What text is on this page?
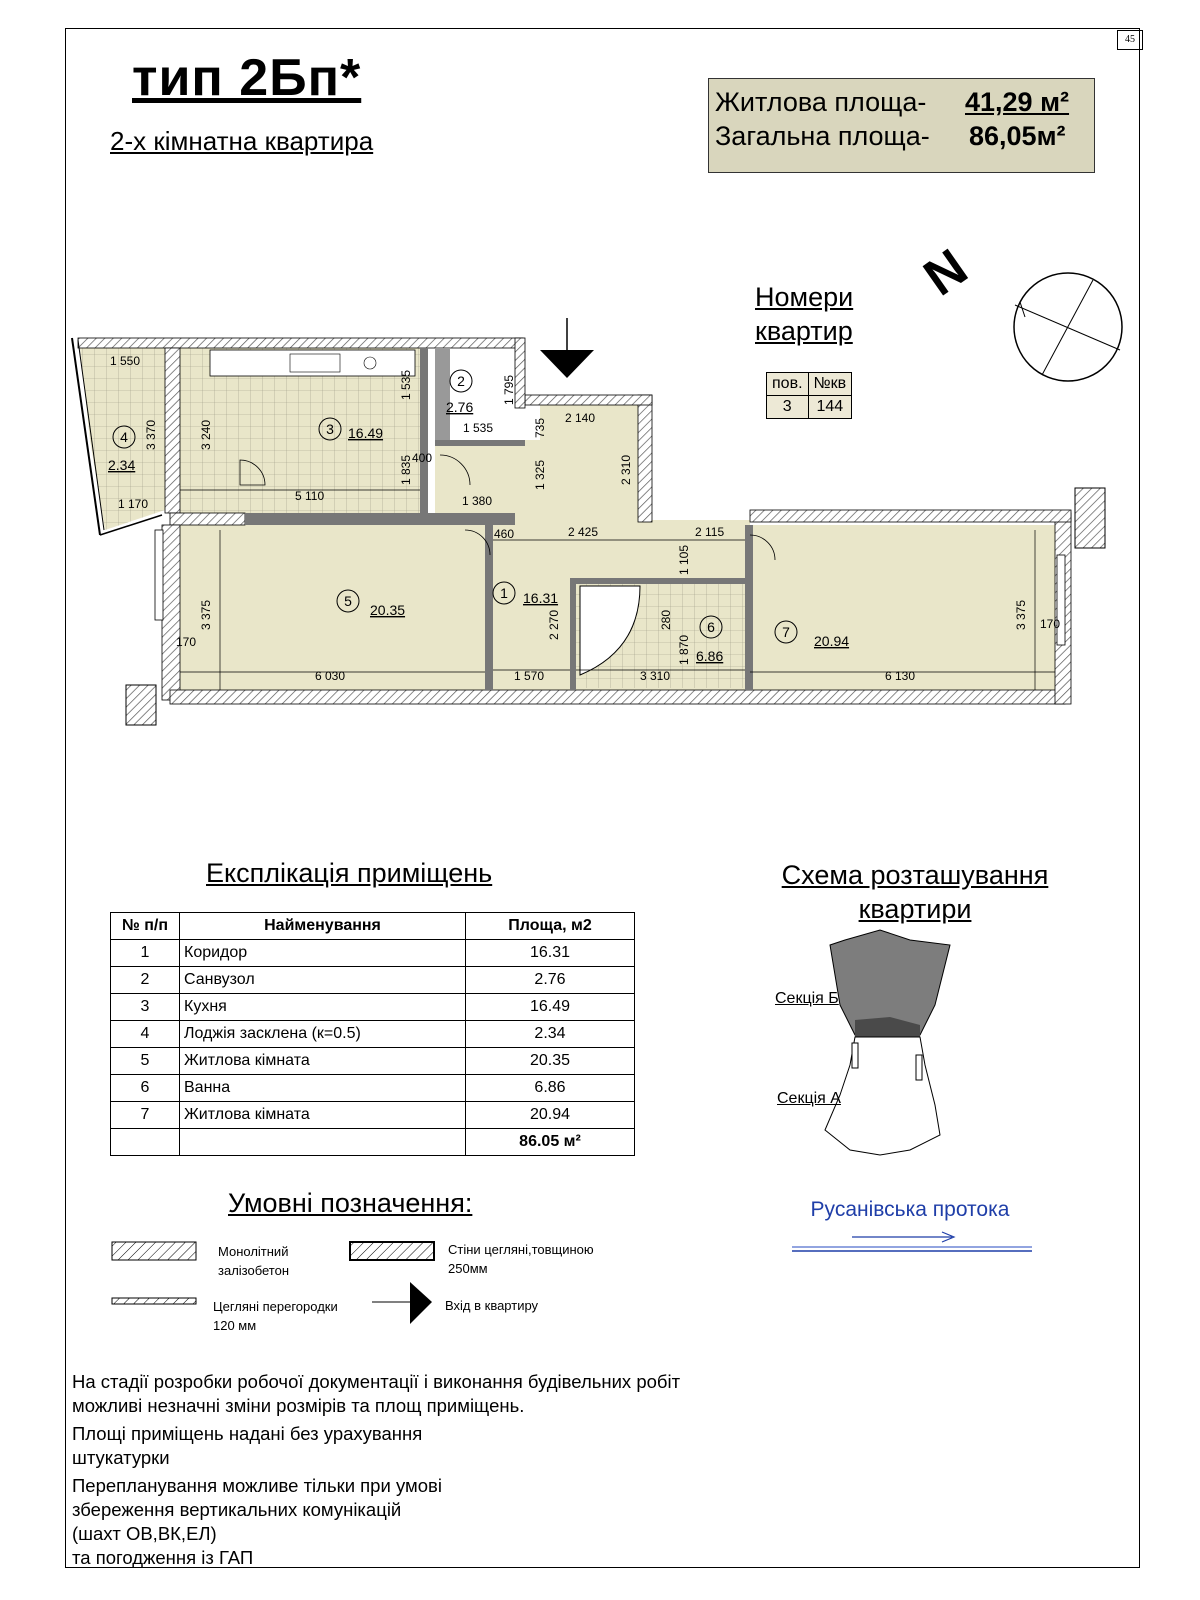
45
тип 2Бп*
2-х кімнатна квартира
Житлова площа- 41,29 м²
Загальна площа- 86,05м²
N
Номери
квартир
пов.	№кв
3	144
4
2.34
3 16.49
2
2.76
1 16.31
5
20.35
6
6.86
7
20.94
1 550
3 370	3 240
1 535	1 795
1 535	735 2 140
1 325	2 310
1 835 400
1 170
5 110	1 380
460	2 425	2 115
1 105
3 375
170
6 030
2 270	280
1 870
1 570	3 310	6 130
3 375 170
Експлікація приміщень
№ п/п	Найменування	Площа, м2
1	Коридор	16.31
2	Санвузол	2.76
3	Кухня	16.49
4	Лоджія засклена (к=0.5)	2.34
5	Житлова кімната	20.35
6	Ванна	6.86
7	Житлова кімната	20.94
		86.05 м²
Схема розташування
квартири
Секція Б
Секція А
Русанівська протока
Умовні позначення:
Монолітний
залізобетон
Стіни цегляні,товщиною
250мм
Цегляні перегородки
120 мм
Вхід в квартиру

На стадії розробки робочої документації і виконання будівельних робіт
можливі незначні зміни розмірів та площ приміщень.

Площі приміщень надані без урахування
штукатурки

Перепланування можливе тільки при умові
збереження вертикальних комунікацій
(шахт ОВ,ВК,ЕЛ)
та погодження із ГАП
